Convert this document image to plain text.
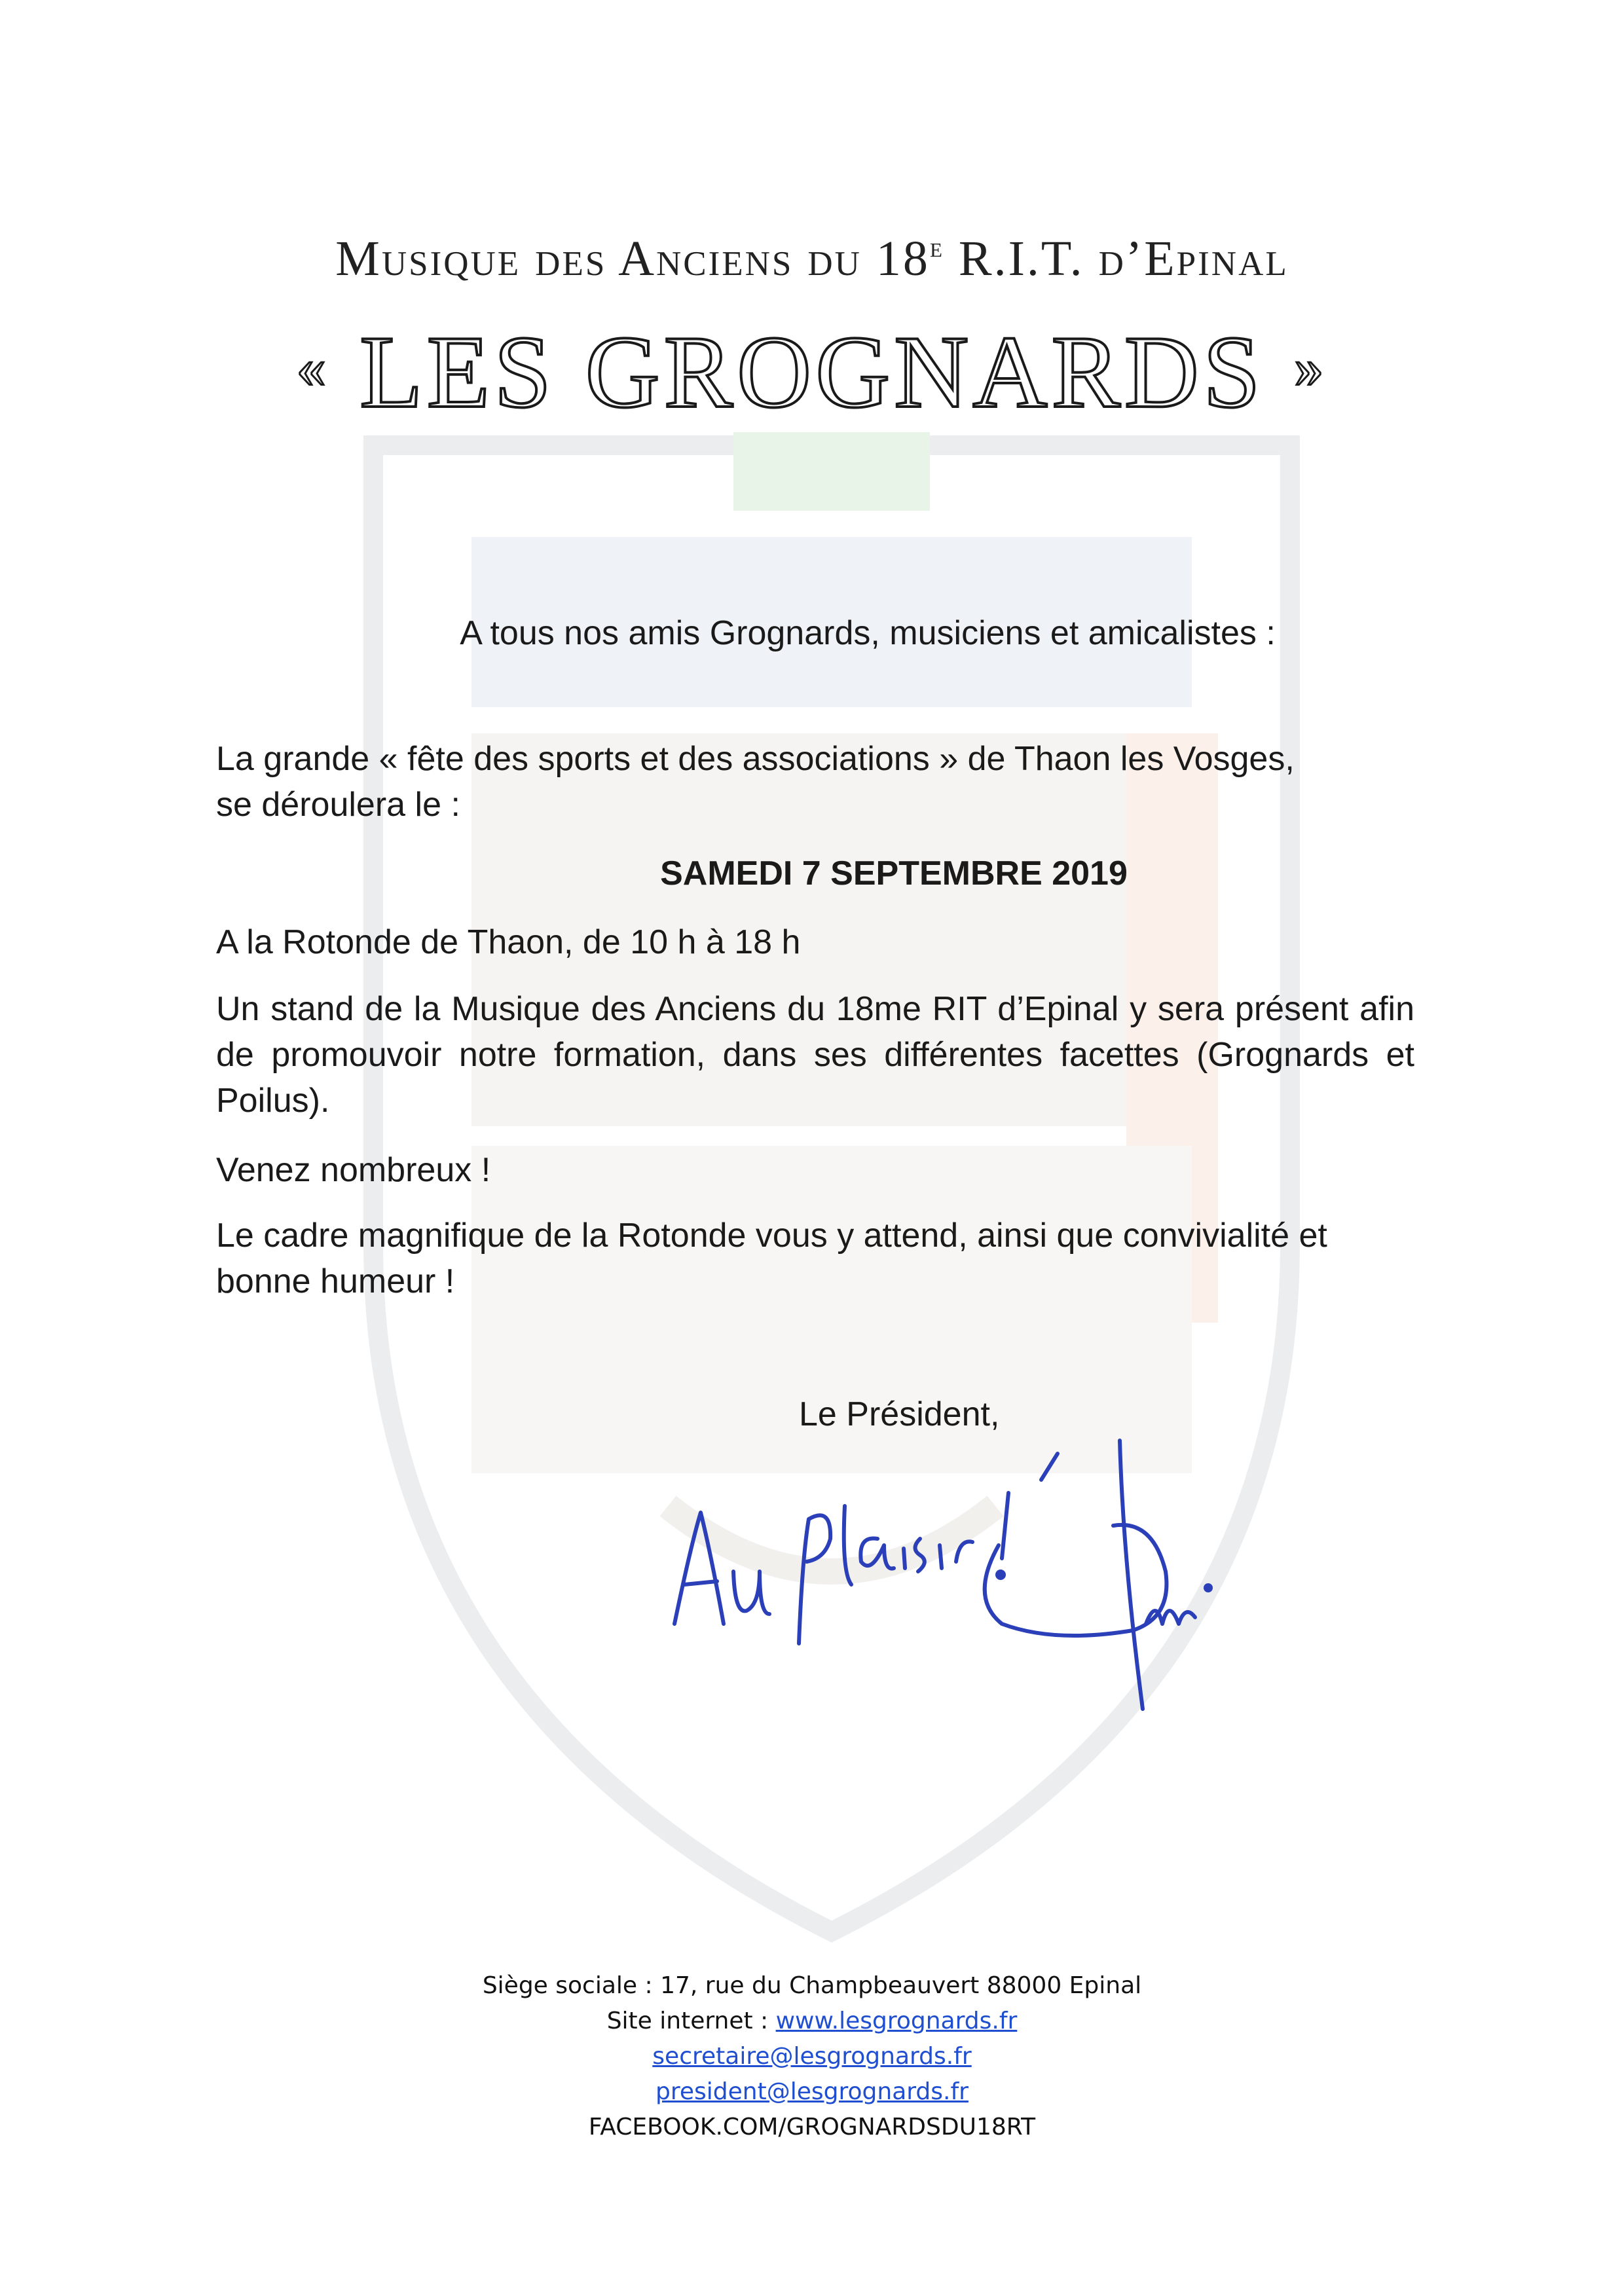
Musique des Anciens du 18e R.I.T. d’Epinal
« LES GROGNARDS »
A tous nos amis Grognards, musiciens et amicalistes :
La grande « fête des sports et des associations » de Thaon les Vosges,
se déroulera le :
SAMEDI 7 SEPTEMBRE 2019
A la Rotonde de Thaon, de 10 h à 18 h
Un stand de la Musique des Anciens du 18me RIT d’Epinal y sera présent afin de promouvoir notre formation, dans ses différentes facettes (Grognards et Poilus).
Venez nombreux !
Le cadre magnifique de la Rotonde vous y attend, ainsi que convivialité et bonne humeur !
Le Président,
Siège sociale : 17, rue du Champbeauvert 88000 Epinal
Site internet : www.lesgrognards.fr
secretaire@lesgrognards.fr
president@lesgrognards.fr
FACEBOOK.COM/GROGNARDSDU18RT
